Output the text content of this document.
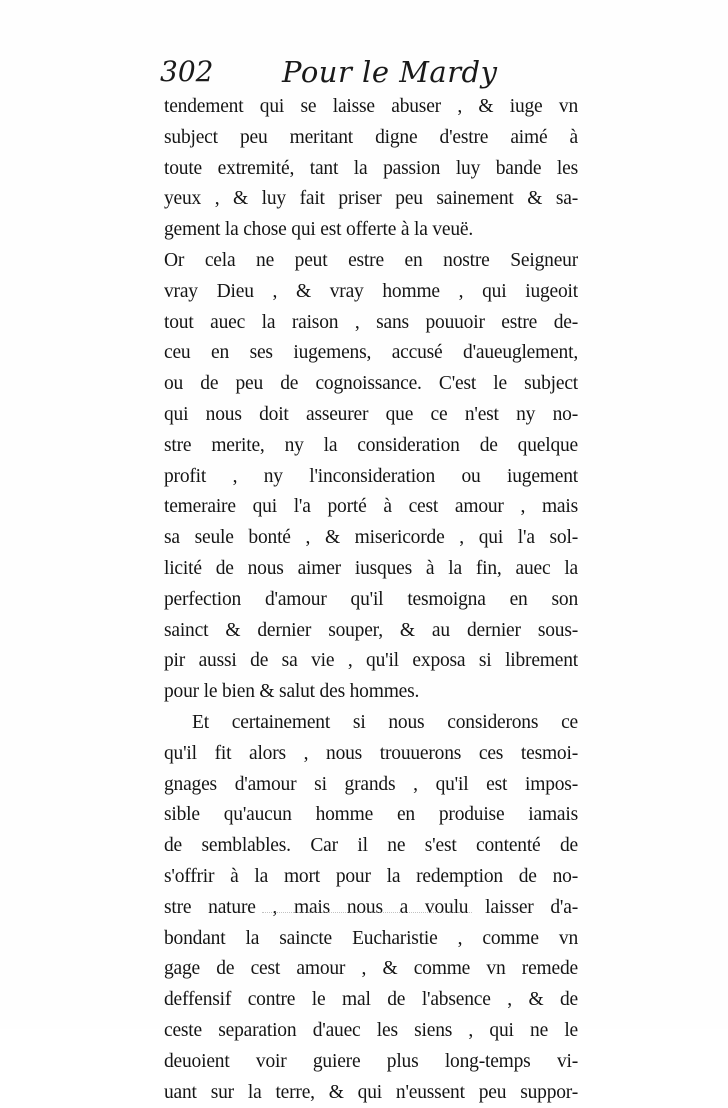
302 Pour le Mardy
tendement qui se laisse abuser , & iuge vn
subject peu meritant digne d'estre aimé à
toute extremité, tant la passion luy bande les
yeux , & luy fait priser peu sainement & sa-
gement la chose qui est offerte à la veuë.
Or cela ne peut estre en nostre Seigneur
vray Dieu , & vray homme , qui iugeoit
tout auec la raison , sans pouuoir estre de-
ceu en ses iugemens, accusé d'aueuglement,
ou de peu de cognoissance. C'est le subject
qui nous doit asseurer que ce n'est ny no-
stre merite, ny la consideration de quelque
profit , ny l'inconsideration ou iugement
temeraire qui l'a porté à cest amour , mais
sa seule bonté , & misericorde , qui l'a sol-
licité de nous aimer iusques à la fin, auec la
perfection d'amour qu'il tesmoigna en son
sainct & dernier souper, & au dernier sous-
pir aussi de sa vie , qu'il exposa si librement
pour le bien & salut des hommes.
Et certainement si nous considerons ce
qu'il fit alors , nous trouuerons ces tesmoi-
gnages d'amour si grands , qu'il est impos-
sible qu'aucun homme en produise iamais
de semblables. Car il ne s'est contenté de
s'offrir à la mort pour la redemption de no-
stre nature , mais nous a voulu laisser d'a-
bondant la saincte Eucharistie , comme vn
gage de cest amour , & comme vn remede
deffensif contre le mal de l'absence , & de
ceste separation d'auec les siens , qui ne le
deuoient voir guiere plus long-temps vi-
uant sur la terre, & qui n'eussent peu suppor-
